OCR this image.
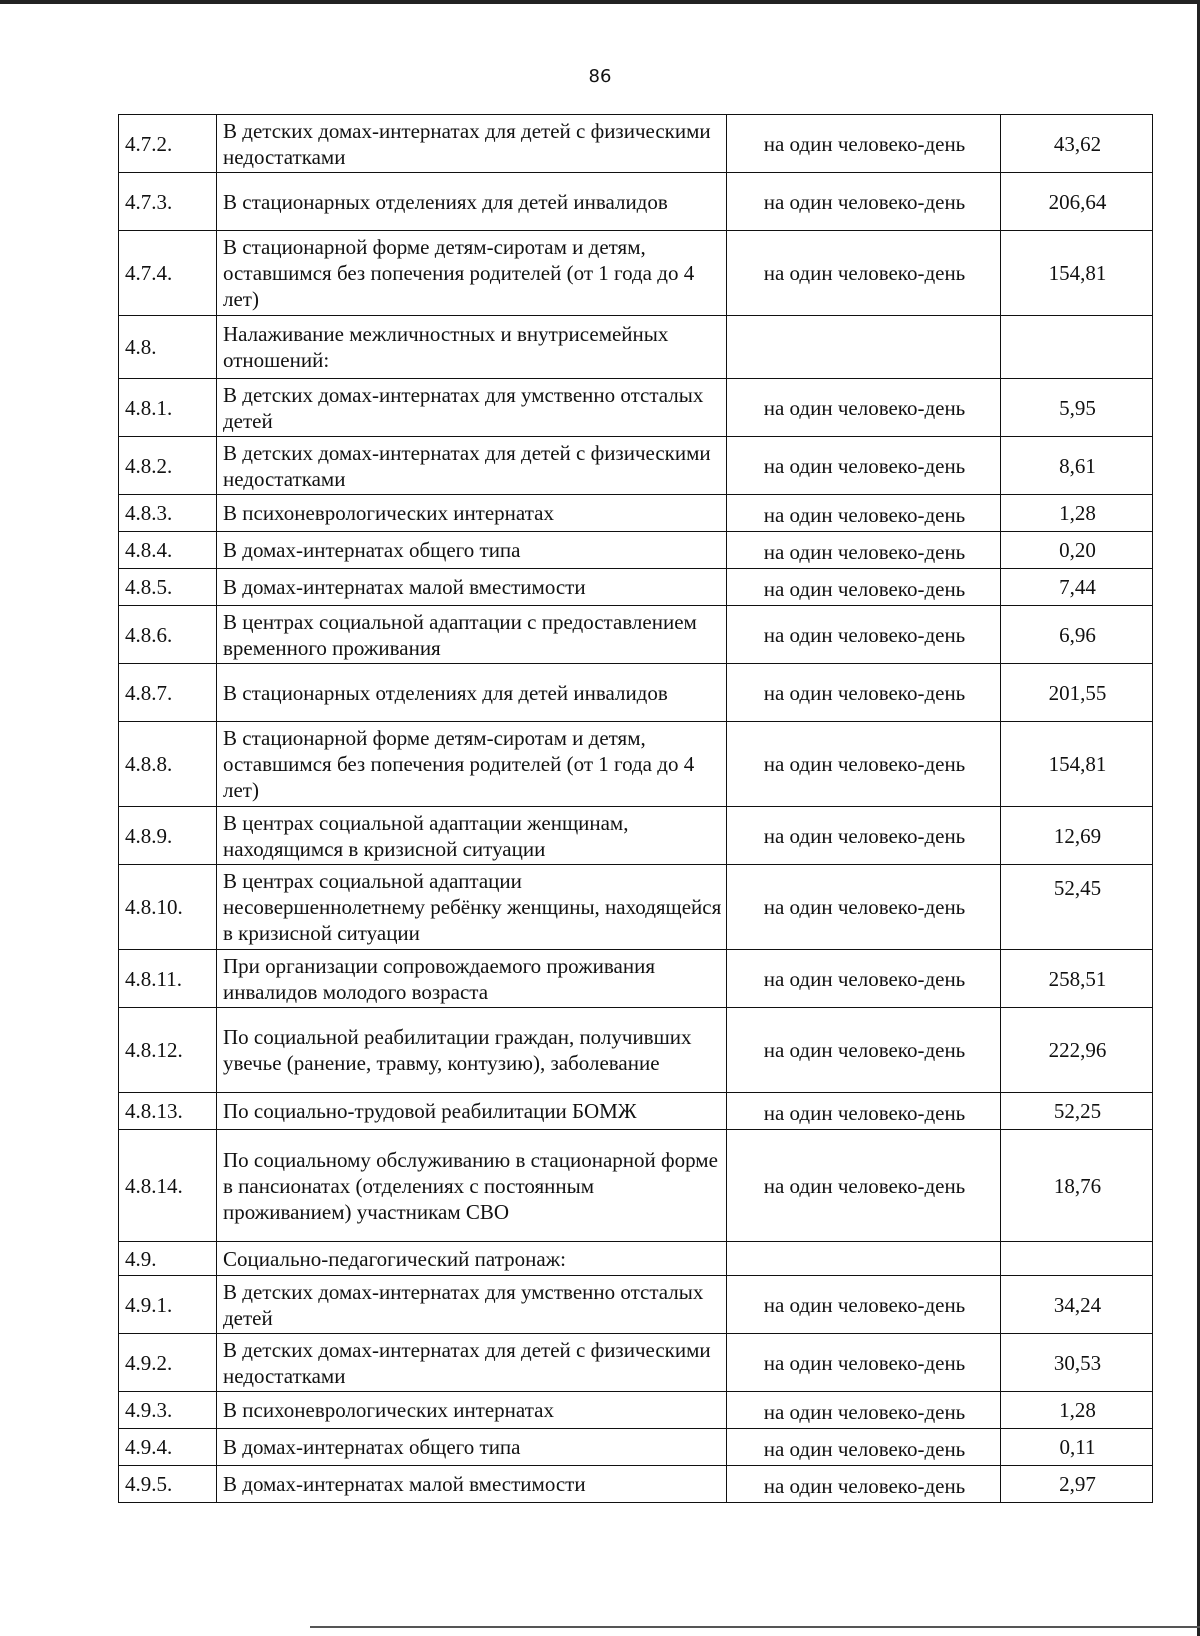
86
4.7.2.	В детских домах-интернатах для детей с физическими недостатками	на один человеко-день	43,62
4.7.3.	В стационарных отделениях для детей инвалидов	на один человеко-день	206,64
4.7.4.	В стационарной форме детям-сиротам и детям, оставшимся без попечения родителей (от 1 года до 4 лет)	на один человеко-день	154,81
4.8.	Налаживание межличностных и внутрисемейных отношений:		
4.8.1.	В детских домах-интернатах для умственно отсталых детей	на один человеко-день	5,95
4.8.2.	В детских домах-интернатах для детей с физическими недостатками	на один человеко-день	8,61
4.8.3.	В психоневрологических интернатах	на один человеко-день	1,28
4.8.4.	В домах-интернатах общего типа	на один человеко-день	0,20
4.8.5.	В домах-интернатах малой вместимости	на один человеко-день	7,44
4.8.6.	В центрах социальной адаптации с предоставлением временного проживания	на один человеко-день	6,96
4.8.7.	В стационарных отделениях для детей инвалидов	на один человеко-день	201,55
4.8.8.	В стационарной форме детям-сиротам и детям, оставшимся без попечения родителей (от 1 года до 4 лет)	на один человеко-день	154,81
4.8.9.	В центрах социальной адаптации женщинам, находящимся в кризисной ситуации	на один человеко-день	12,69
4.8.10.	В центрах социальной адаптации несовершеннолетнему ребёнку женщины, находящейся в кризисной ситуации	на один человеко-день	52,45
4.8.11.	При организации сопровождаемого проживания инвалидов молодого возраста	на один человеко-день	258,51
4.8.12.	По социальной реабилитации граждан, получивших увечье (ранение, травму, контузию), заболевание	на один человеко-день	222,96
4.8.13.	По социально-трудовой реабилитации БОМЖ	на один человеко-день	52,25
4.8.14.	По социальному обслуживанию в стационарной форме в пансионатах (отделениях с постоянным проживанием) участникам СВО	на один человеко-день	18,76
4.9.	Социально-педагогический патронаж:		
4.9.1.	В детских домах-интернатах для умственно отсталых детей	на один человеко-день	34,24
4.9.2.	В детских домах-интернатах для детей с физическими недостатками	на один человеко-день	30,53
4.9.3.	В психоневрологических интернатах	на один человеко-день	1,28
4.9.4.	В домах-интернатах общего типа	на один человеко-день	0,11
4.9.5.	В домах-интернатах малой вместимости	на один человеко-день	2,97
